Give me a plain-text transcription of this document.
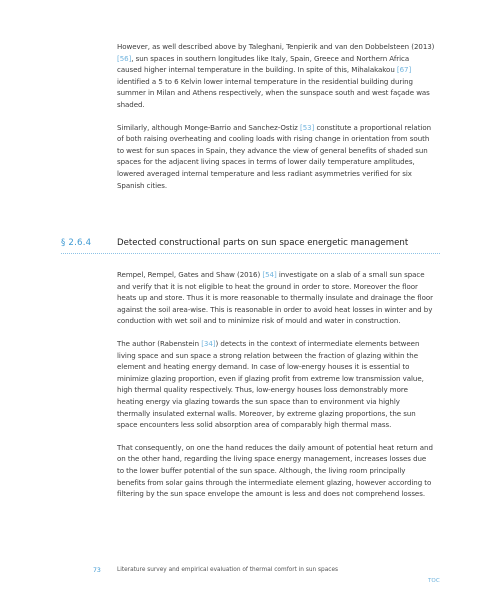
However, as well described above by Taleghani, Tenpierik and van den Dobbelsteen (2013) [56], sun spaces in southern longitudes like Italy, Spain, Greece and Northern Africa caused higher internal temperature in the building. In spite of this, Mihalakakou [67] identified a 5 to 6 Kelvin lower internal temperature in the residential building during summer in Milan and Athens respectively, when the sunspace south and west façade was shaded.

Similarly, although Monge-Barrio and Sanchez-Ostiz [53] constitute a proportional relation of both raising overheating and cooling loads with rising change in orientation from south to west for sun spaces in Spain, they advance the view of general benefits of shaded sun spaces for the adjacent living spaces in terms of lower daily temperature amplitudes, lowered averaged internal temperature and less radiant asymmetries verified for six Spanish cities.

§ 2.6.4	Detected constructional parts on sun space energetic management

Rempel, Rempel, Gates and Shaw (2016) [54] investigate on a slab of a small sun space and verify that it is not eligible to heat the ground in order to store. Moreover the floor heats up and store. Thus it is more reasonable to thermally insulate and drainage the floor against the soil area-wise. This is reasonable in order to avoid heat losses in winter and by conduction with wet soil and to minimize risk of mould and water in construction.

The author (Rabenstein [34]) detects in the context of intermediate elements between living space and sun space a strong relation between the fraction of glazing within the element and heating energy demand. In case of low-energy houses it is essential to minimize glazing proportion, even if glazing profit from extreme low transmission value, high thermal quality respectively. Thus, low-energy houses loss demonstrably more heating energy via glazing towards the sun space than to environment via highly thermally insulated external walls. Moreover, by extreme glazing proportions, the sun space encounters less solid absorption area of comparably high thermal mass.

That consequently, on one the hand reduces the daily amount of potential heat return and on the other hand, regarding the living space energy management, increases losses due to the lower buffer potential of the sun space. Although, the living room principally benefits from solar gains through the intermediate element glazing, however according to filtering by the sun space envelope the amount is less and does not comprehend losses.

73	Literature survey and empirical evaluation of thermal comfort in sun spaces
TOC
